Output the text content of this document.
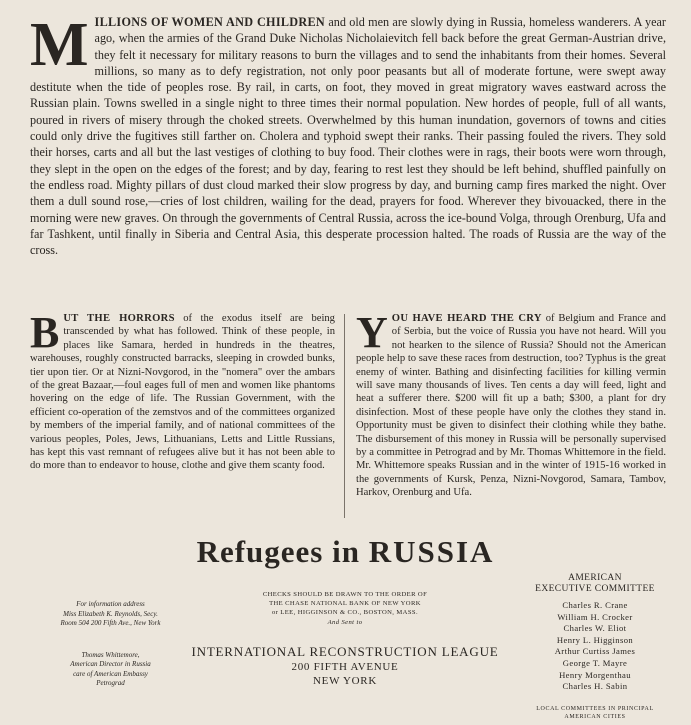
MILLIONS OF WOMEN AND CHILDREN and old men are slowly dying in Russia, homeless wanderers. A year ago, when the armies of the Grand Duke Nicholas Nicholaievitch fell back before the great German-Austrian drive, they felt it necessary for military reasons to burn the villages and to send the inhabitants from their homes. Several millions, so many as to defy registration, not only poor peasants but all of moderate fortune, were swept away destitute when the tide of peoples rose. By rail, in carts, on foot, they moved in great migratory waves eastward across the Russian plain. Towns swelled in a single night to three times their normal population. New hordes of people, full of all wants, poured in rivers of misery through the choked streets. Overwhelmed by this human inundation, governors of towns and cities could only drive the fugitives still farther on. Cholera and typhoid swept their ranks. Their passing fouled the rivers. They sold their horses, carts and all but the last vestiges of clothing to buy food. Their clothes were in rags, their boots were worn through, they slept in the open on the edges of the forest; and by day, fearing to rest lest they should be left behind, shuffled painfully on the endless road. Mighty pillars of dust cloud marked their slow progress by day, and burning camp fires marked the night. Over them a dull sound rose,—cries of lost children, wailing for the dead, prayers for food. Wherever they bivouacked, there in the morning were new graves. On through the governments of Central Russia, across the ice-bound Volga, through Orenburg, Ufa and far Tashkent, until finally in Siberia and Central Asia, this desperate procession halted. The roads of Russia are the way of the cross.
BUT THE HORRORS of the exodus itself are being transcended by what has followed. Think of these people, in places like Samara, herded in hundreds in the theatres, warehouses, roughly constructed barracks, sleeping in crowded bunks, tier upon tier. Or at Nizni-Novgorod, in the "nomera" over the ambars of the great Bazaar,—foul eages full of men and women like phantoms hovering on the edge of life. The Russian Government, with the efficient co-operation of the zemstvos and of the committees organized by members of the imperial family, and of national committees of the various peoples, Poles, Jews, Lithuanians, Letts and Little Russians, has kept this vast remnant of refugees alive but it has not been able to do more than to endeavor to house, clothe and give them scanty food.
YOU HAVE HEARD THE CRY of Belgium and France and of Serbia, but the voice of Russia you have not heard. Will you not hearken to the silence of Russia? Should not the American people help to save these races from destruction, too? Typhus is the great enemy of winter. Bathing and disinfecting facilities for killing vermin will save many thousands of lives. Ten cents a day will feed, light and heat a sufferer there. $200 will fit up a bath; $300, a plant for dry disinfection. Most of these people have only the clothes they stand in. Opportunity must be given to disinfect their clothing while they bathe. The disbursement of this money in Russia will be personally supervised by a committee in Petrograd and by Mr. Thomas Whittemore in the field. Mr. Whittemore speaks Russian and in the winter of 1915-16 worked in the governments of Kursk, Penza, Nizni-Novgorod, Samara, Tambov, Harkov, Orenburg and Ufa.
Refugees in RUSSIA
For information address
Miss Elizabeth K. Reynolds, Secy.
Room 504 200 Fifth Ave., New York
Thomas Whittemore,
American Director in Russia
care of American Embassy
Petrograd
CHECKS SHOULD BE DRAWN TO THE ORDER OF
THE CHASE NATIONAL BANK OF NEW YORK
or LEE, HIGGINSON & CO., BOSTON, MASS.
And Sent to
INTERNATIONAL RECONSTRUCTION LEAGUE
200 FIFTH AVENUE
NEW YORK
AMERICAN
EXECUTIVE COMMITTEE
Charles R. Crane
William H. Crocker
Charles W. Eliot
Henry L. Higginson
Arthur Curtiss James
George T. Mayre
Henry Morgenthau
Charles H. Sabin
LOCAL COMMITTEES IN PRINCIPAL
AMERICAN CITIES
